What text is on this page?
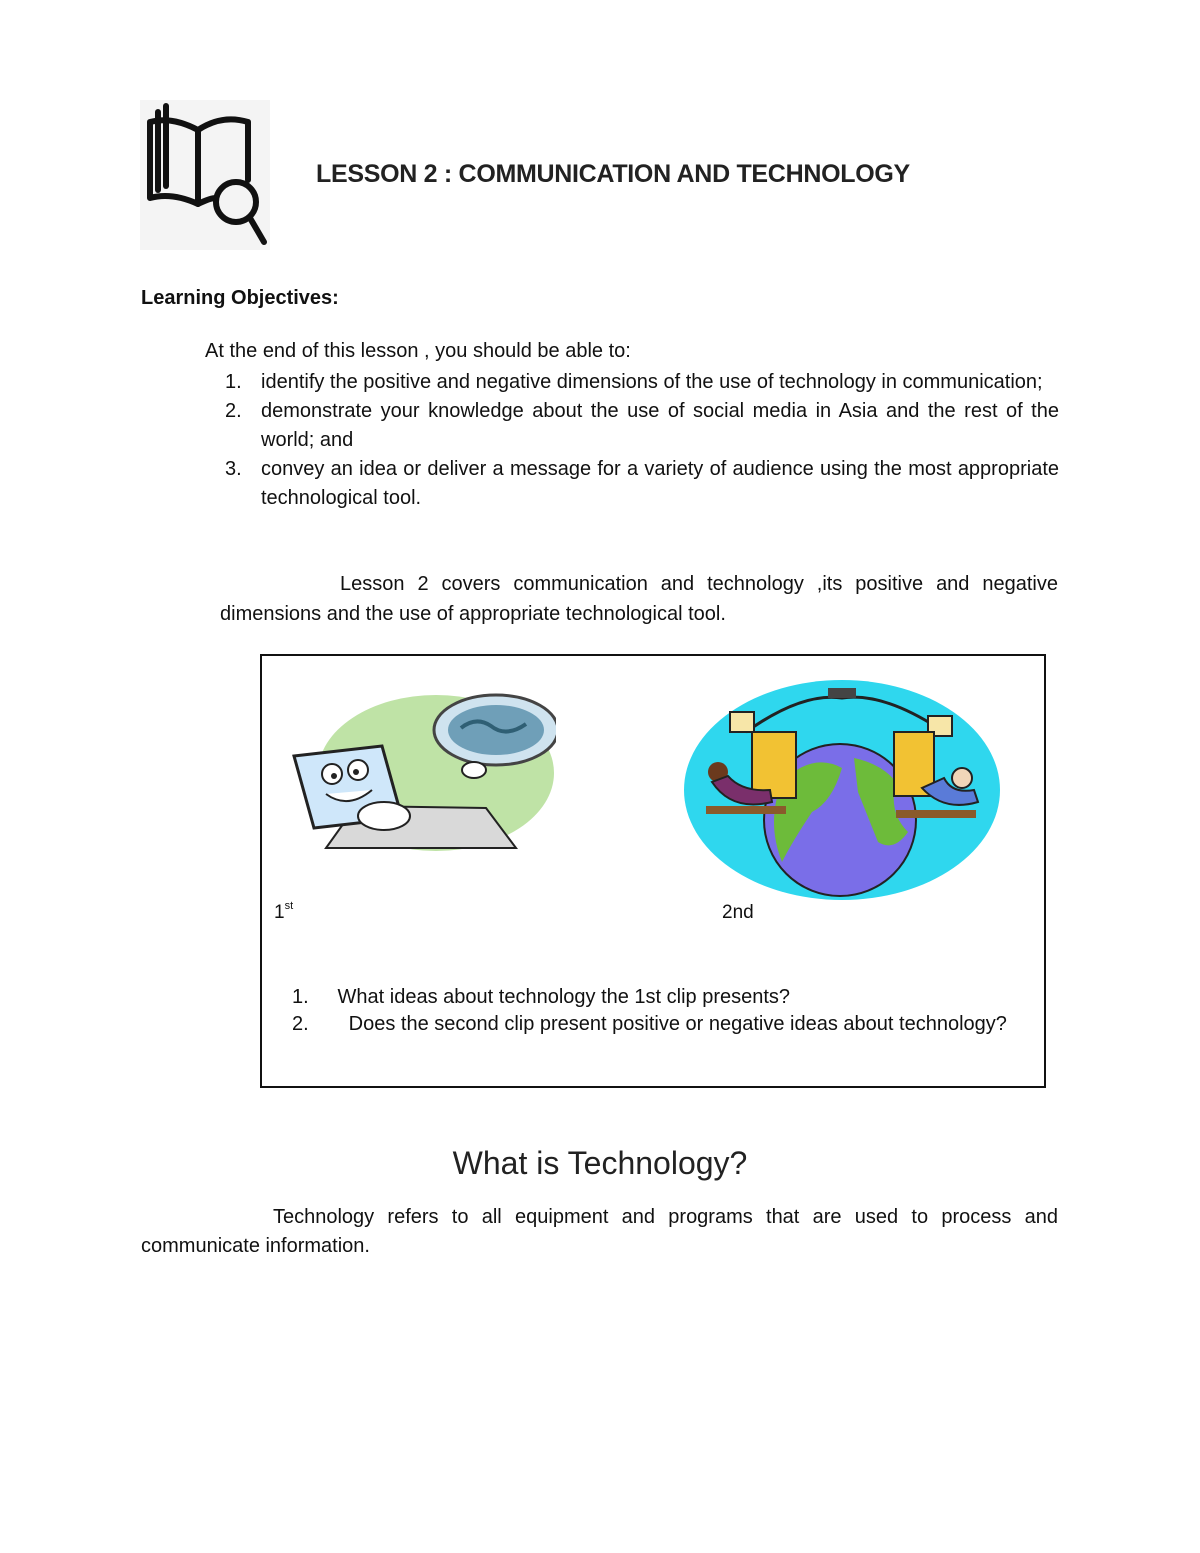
LESSON 2 : COMMUNICATION AND TECHNOLOGY
Learning Objectives:
At the end of this lesson , you should be able to:
1. identify the positive and negative dimensions of the use of technology in communication;
2. demonstrate your knowledge about the use of social media in Asia and the rest of the world; and
3. convey an idea or deliver a message for a variety of audience using the most appropriate technological tool.
Lesson 2 covers communication and technology ,its positive and negative dimensions and the use of appropriate technological tool.
1st	2nd
1.	What ideas about technology the 1st clip presents?
2.	Does the second clip present positive or negative ideas about technology?
What is Technology?
Technology refers to all equipment and programs that are used to process and communicate information.
